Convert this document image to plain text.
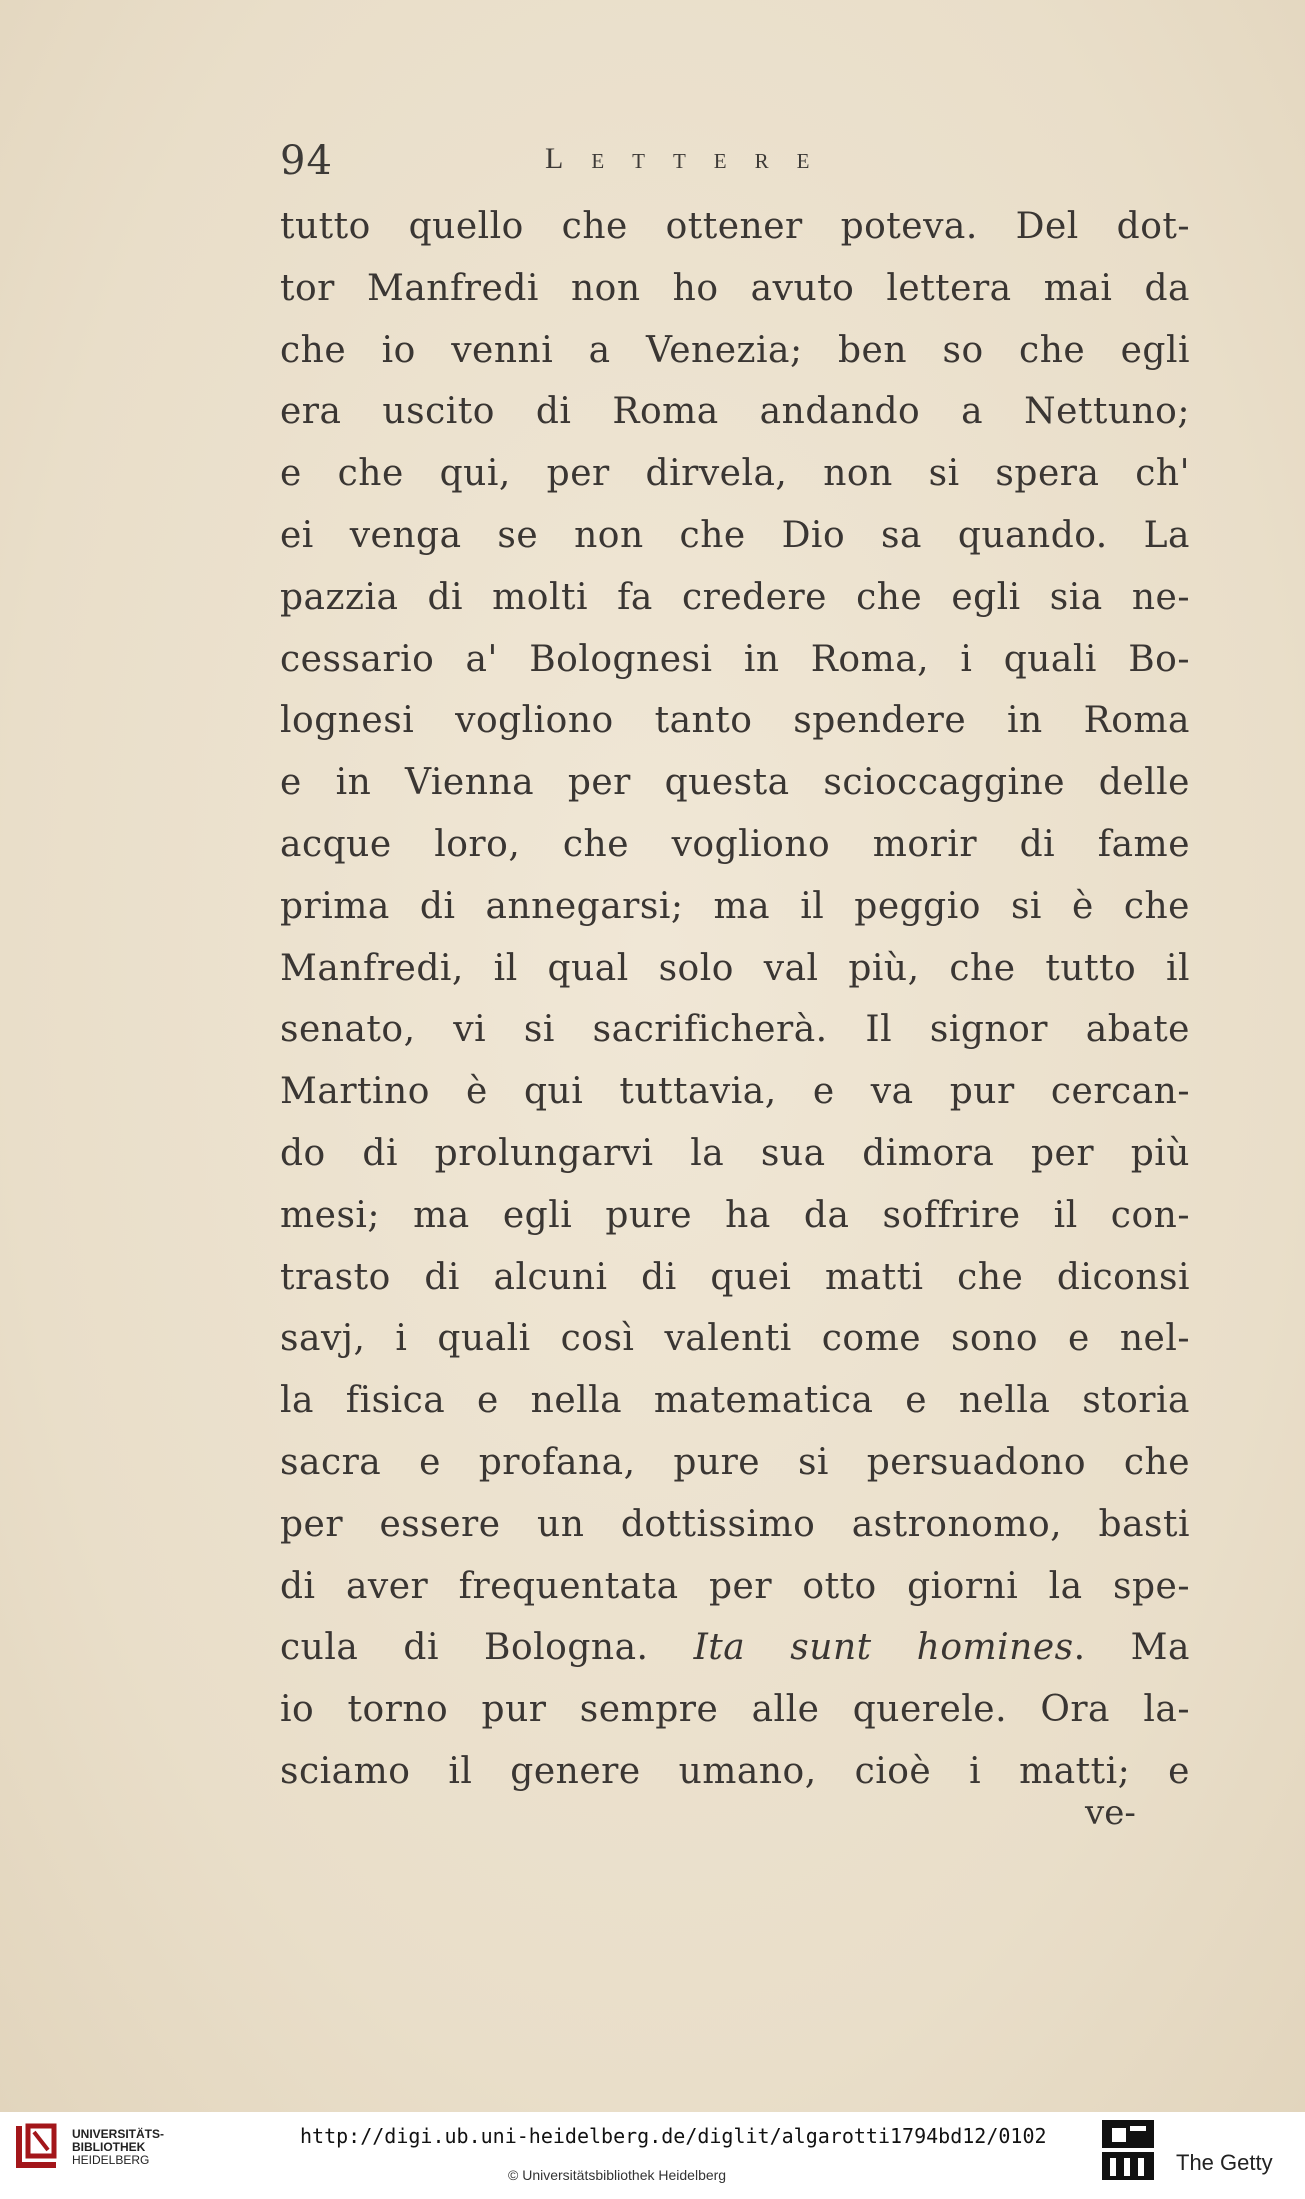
94	Lettere
tutto quello che ottener poteva. Del dot-
tor Manfredi non ho avuto lettera mai da
che io venni a Venezia; ben so che egli
era uscito di Roma andando a Nettuno;
e che qui, per dirvela, non si spera ch'
ei venga se non che Dio sa quando. La
pazzia di molti fa credere che egli sia ne-
cessario a' Bolognesi in Roma, i quali Bo-
lognesi vogliono tanto spendere in Roma
e in Vienna per questa scioccaggine delle
acque loro, che vogliono morir di fame
prima di annegarsi; ma il peggio si è che
Manfredi, il qual solo val più, che tutto il
senato, vi si sacrificherà. Il signor abate
Martino è qui tuttavia, e va pur cercan-
do di prolungarvi la sua dimora per più
mesi; ma egli pure ha da soffrire il con-
trasto di alcuni di quei matti che diconsi
savj, i quali così valenti come sono e nel-
la fisica e nella matematica e nella storia
sacra e profana, pure si persuadono che
per essere un dottissimo astronomo, basti
di aver frequentata per otto giorni la spe-
cula di Bologna. Ita sunt homines. Ma
io torno pur sempre alle querele. Ora la-
sciamo il genere umano, cioè i matti; e
ve-
UNIVERSITÄTS-
BIBLIOTHEK
HEIDELBERG
http://digi.ub.uni-heidelberg.de/diglit/algarotti1794bd12/0102
© Universitätsbibliothek Heidelberg	The Getty
